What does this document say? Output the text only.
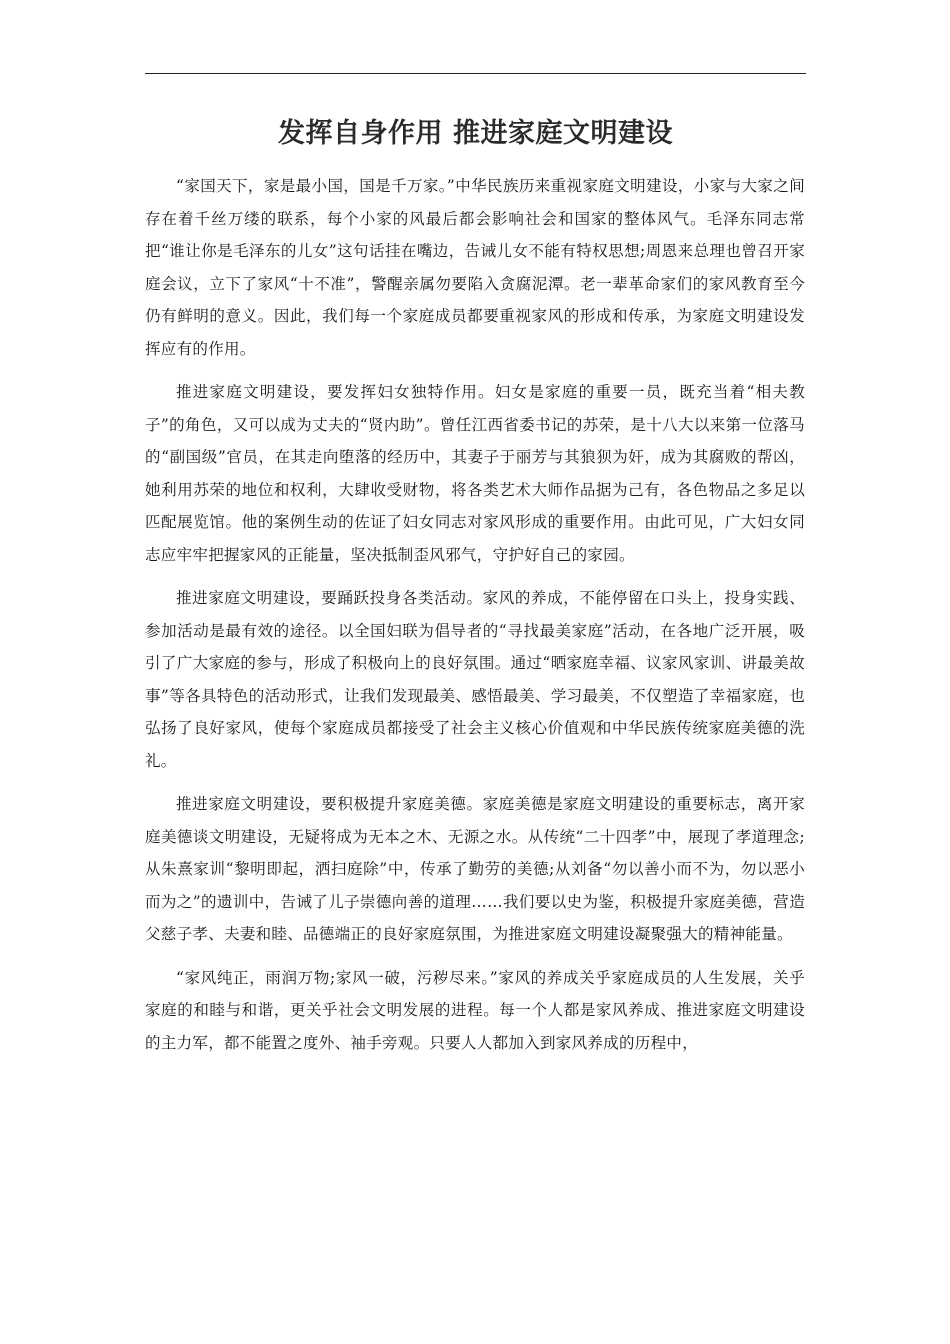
发挥自身作用 推进家庭文明建设

“家国天下，家是最小国，国是千万家。”中华民族历来重视家庭文明建设，小家与大家之间存在着千丝万缕的联系，每个小家的风最后都会影响社会和国家的整体风气。毛泽东同志常把“谁让你是毛泽东的儿女”这句话挂在嘴边，告诫儿女不能有特权思想;周恩来总理也曾召开家庭会议，立下了家风“十不准”，警醒亲属勿要陷入贪腐泥潭。老一辈革命家们的家风教育至今仍有鲜明的意义。因此，我们每一个家庭成员都要重视家风的形成和传承，为家庭文明建设发挥应有的作用。

推进家庭文明建设，要发挥妇女独特作用。妇女是家庭的重要一员，既充当着“相夫教子”的角色，又可以成为丈夫的“贤内助”。曾任江西省委书记的苏荣，是十八大以来第一位落马的“副国级”官员，在其走向堕落的经历中，其妻子于丽芳与其狼狈为奸，成为其腐败的帮凶，她利用苏荣的地位和权利，大肆收受财物，将各类艺术大师作品据为己有，各色物品之多足以匹配展览馆。他的案例生动的佐证了妇女同志对家风形成的重要作用。由此可见，广大妇女同志应牢牢把握家风的正能量，坚决抵制歪风邪气，守护好自己的家园。

推进家庭文明建设，要踊跃投身各类活动。家风的养成，不能停留在口头上，投身实践、参加活动是最有效的途径。以全国妇联为倡导者的“寻找最美家庭”活动，在各地广泛开展，吸引了广大家庭的参与，形成了积极向上的良好氛围。通过“晒家庭幸福、议家风家训、讲最美故事”等各具特色的活动形式，让我们发现最美、感悟最美、学习最美，不仅塑造了幸福家庭，也弘扬了良好家风，使每个家庭成员都接受了社会主义核心价值观和中华民族传统家庭美德的洗礼。

推进家庭文明建设，要积极提升家庭美德。家庭美德是家庭文明建设的重要标志，离开家庭美德谈文明建设，无疑将成为无本之木、无源之水。从传统“二十四孝”中，展现了孝道理念;从朱熹家训“黎明即起，洒扫庭除”中，传承了勤劳的美德;从刘备“勿以善小而不为，勿以恶小而为之”的遗训中，告诫了儿子崇德向善的道理……我们要以史为鉴，积极提升家庭美德，营造父慈子孝、夫妻和睦、品德端正的良好家庭氛围，为推进家庭文明建设凝聚强大的精神能量。

“家风纯正，雨润万物;家风一破，污秽尽来。”家风的养成关乎家庭成员的人生发展，关乎家庭的和睦与和谐，更关乎社会文明发展的进程。每一个人都是家风养成、推进家庭文明建设的主力军，都不能置之度外、袖手旁观。只要人人都加入到家风养成的历程中，
